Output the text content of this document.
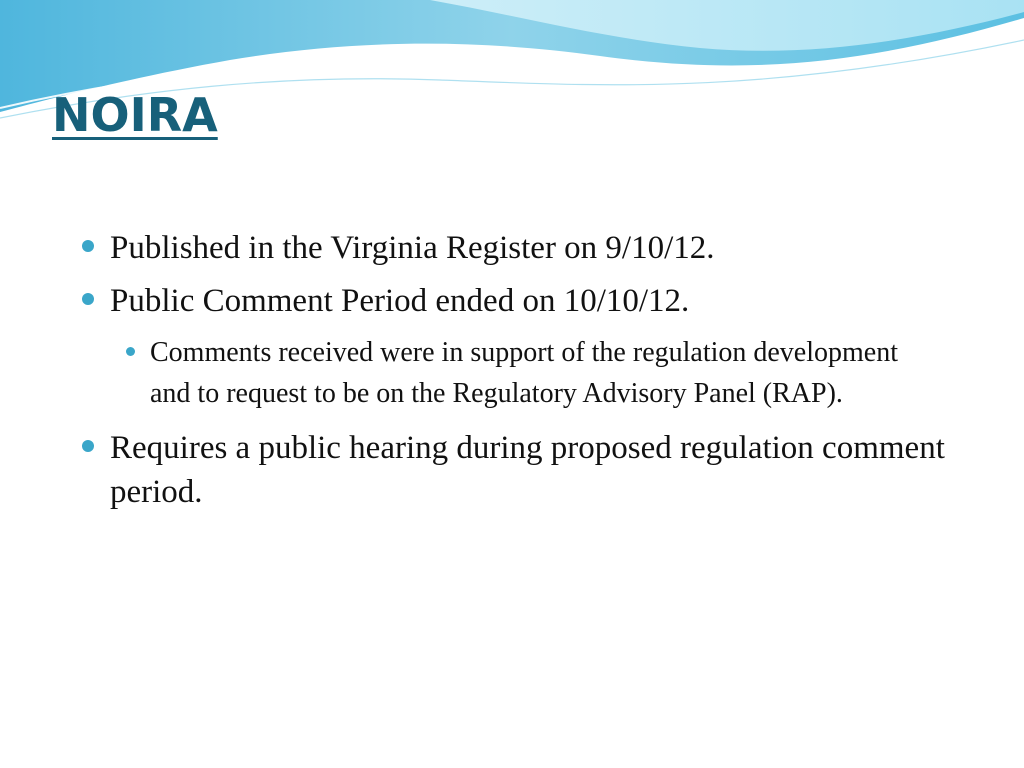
NOIRA
Published in the Virginia Register on 9/10/12.
Public Comment Period ended on 10/10/12.
Comments received were in support of the regulation development and to request to be on the Regulatory Advisory Panel (RAP).
Requires a public hearing during proposed regulation comment period.
